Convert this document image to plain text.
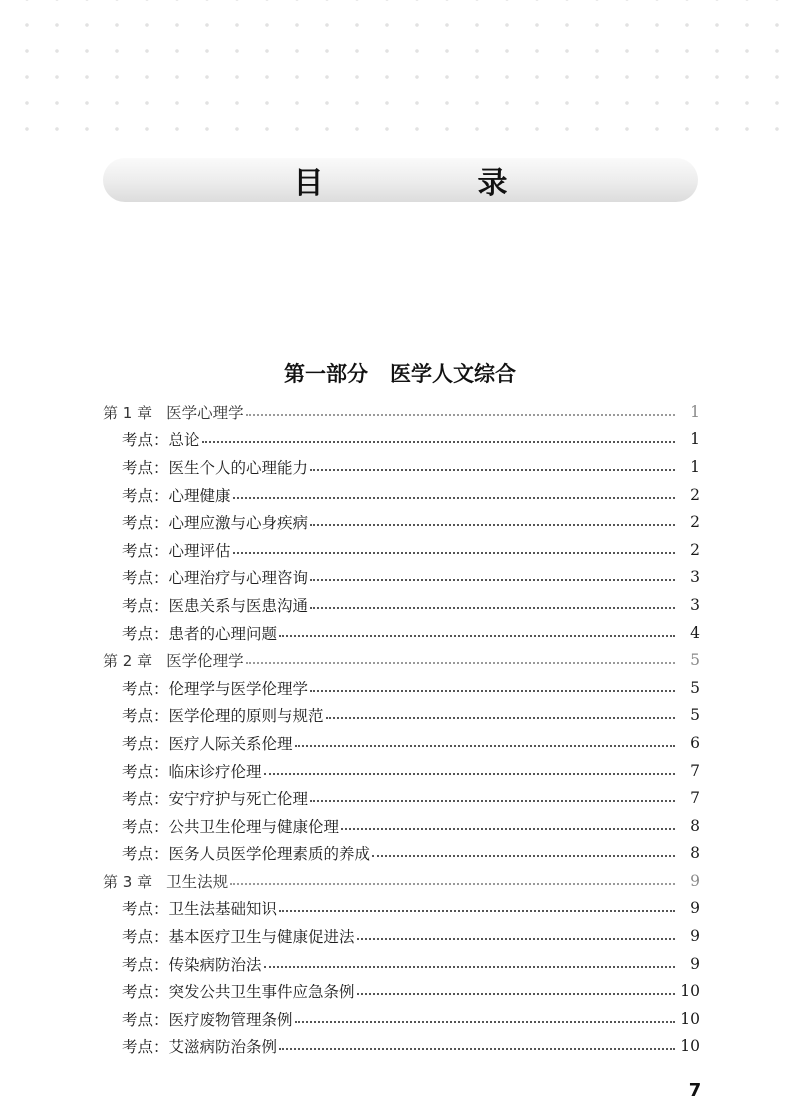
目　录
第一部分 医学人文综合
第 1 章 医学心理学	1
考点：总论	1
考点：医生个人的心理能力	1
考点：心理健康	2
考点：心理应激与心身疾病	2
考点：心理评估	2
考点：心理治疗与心理咨询	3
考点：医患关系与医患沟通	3
考点：患者的心理问题	4
第 2 章 医学伦理学	5
考点：伦理学与医学伦理学	5
考点：医学伦理的原则与规范	5
考点：医疗人际关系伦理	6
考点：临床诊疗伦理	7
考点：安宁疗护与死亡伦理	7
考点：公共卫生伦理与健康伦理	8
考点：医务人员医学伦理素质的养成	8
第 3 章 卫生法规	9
考点：卫生法基础知识	9
考点：基本医疗卫生与健康促进法	9
考点：传染病防治法	9
考点：突发公共卫生事件应急条例	10
考点：医疗废物管理条例	10
考点：艾滋病防治条例	10
7
